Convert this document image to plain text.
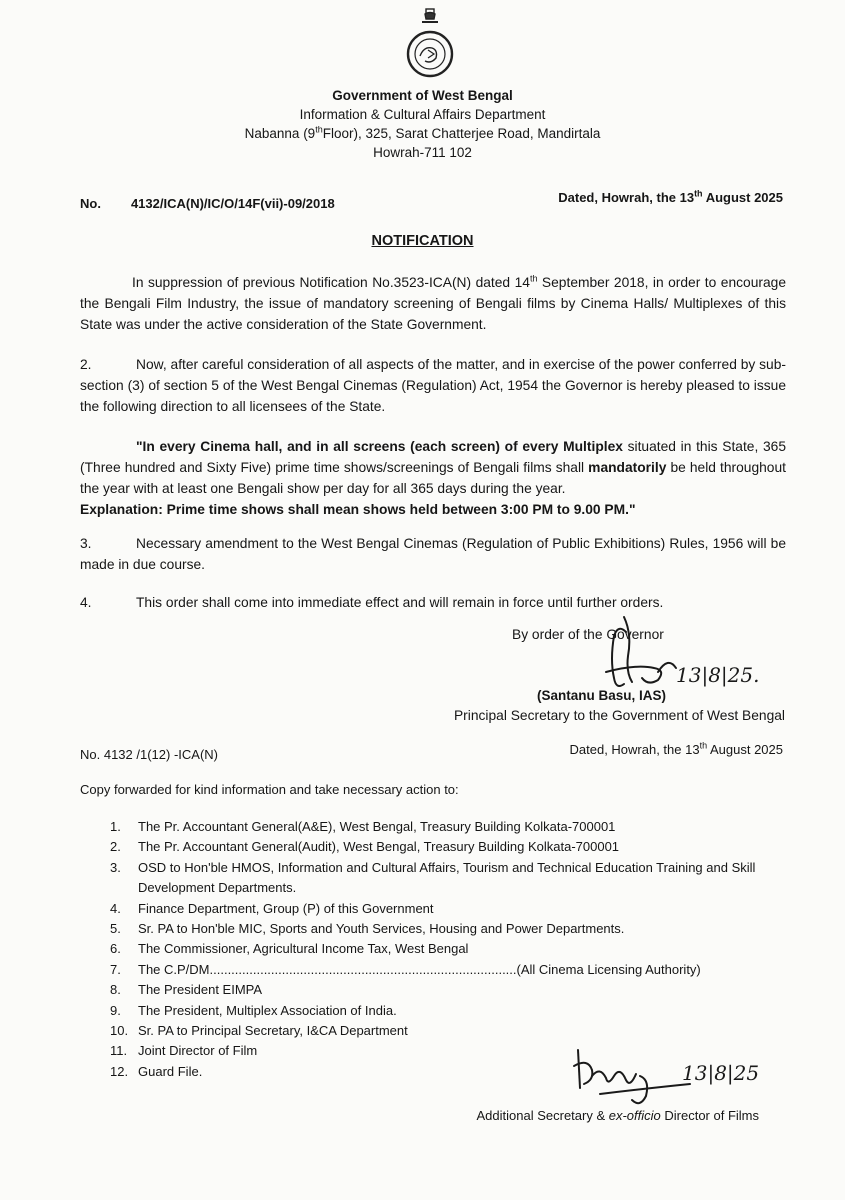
Government of West Bengal
Information & Cultural Affairs Department
Nabanna (9thFloor), 325, Sarat Chatterjee Road, Mandirtala
Howrah-711 102
No. 4132/ICA(N)/IC/O/14F(vii)-09/2018	Dated, Howrah, the 13th August 2025
NOTIFICATION
In suppression of previous Notification No.3523-ICA(N) dated 14th September 2018, in order to encourage the Bengali Film Industry, the issue of mandatory screening of Bengali films by Cinema Halls/ Multiplexes of this State was under the active consideration of the State Government.
2.	Now, after careful consideration of all aspects of the matter, and in exercise of the power conferred by sub-section (3) of section 5 of the West Bengal Cinemas (Regulation) Act, 1954 the Governor is hereby pleased to issue the following direction to all licensees of the State.
"In every Cinema hall, and in all screens (each screen) of every Multiplex situated in this State, 365 (Three hundred and Sixty Five) prime time shows/screenings of Bengali films shall mandatorily be held throughout the year with at least one Bengali show per day for all 365 days during the year.
Explanation: Prime time shows shall mean shows held between 3:00 PM to 9.00 PM."
3.	Necessary amendment to the West Bengal Cinemas (Regulation of Public Exhibitions) Rules, 1956 will be made in due course.
4.	This order shall come into immediate effect and will remain in force until further orders.
By order of the Governor
13|8|25.
(Santanu Basu, IAS)
Principal Secretary to the Government of West Bengal
No. 4132 /1(12) -ICA(N)	Dated, Howrah, the 13th August 2025
Copy forwarded for kind information and take necessary action to:
1.	The Pr. Accountant General(A&E), West Bengal, Treasury Building Kolkata-700001
2.	The Pr. Accountant General(Audit), West Bengal, Treasury Building Kolkata-700001
3.	OSD to Hon'ble HMOS, Information and Cultural Affairs, Tourism and Technical Education Training and Skill Development Departments.
4.	Finance Department, Group (P) of this Government
5.	Sr. PA to Hon'ble MIC, Sports and Youth Services, Housing and Power Departments.
6.	The Commissioner, Agricultural Income Tax, West Bengal
7.	The C.P/DM.....................................................................................(All Cinema Licensing Authority)
8.	The President EIMPA
9.	The President, Multiplex Association of India.
10. Sr. PA to Principal Secretary, I&CA Department
11. Joint Director of Film
12. Guard File.	13|8|25
Additional Secretary & ex-officio Director of Films
